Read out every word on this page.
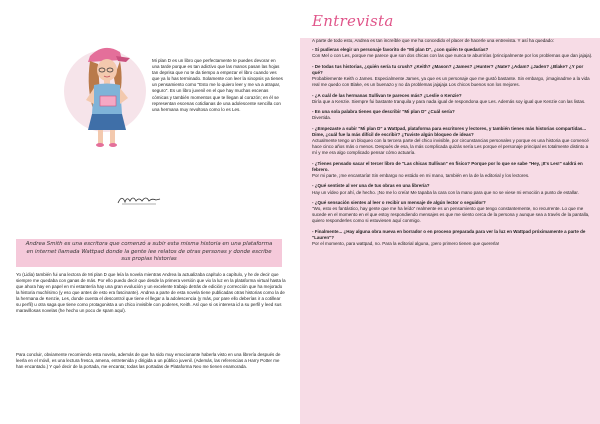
Mi plan D es un libro que perfectamente te puedes devorar en una tarde porque es tan adictivo que las manos pasan las hojas tan deprisa que no te da tiempo a empezar el libro cuando ves que ya lo has terminado. Solamente con leer la sinopsis ya tienes un pensamiento como "Esto me lo quiero leer y me va a atrapar, seguro". Es un libro juvenil en el que hay muchas escenas cómicas y también momentos que te llegan al corazón; en él se representan escenas cotidianas de una adolescente sencilla con una hermana muy revoltosa como lo es Les.
Andrea Smith es una escritora que comenzó a subir esta misma historia en una plataforma en internet llamada Wattpad donde la gente lee relatos de otras personas y donde escribe sus propias historias
Yo (Lidia) también fui una lectora de Mi plan D que leía la novela mientras Andrea la actualizaba capítulo a capítulo, y he de decir que siempre me quedaba con ganas de más. Por ello puedo decir que desde la primera versión que vio la luz en la plataforma virtual hasta la que ahora hay en papel en mi estantería hay una gran evolución y un excelente trabajo detrás de edición y corrección que ha mejorado la historia muchísimo (y eso que antes de esto era fascinante). Andrea a parte de esta novela tiene publicadas otras historias como la de la hermana de Kenzie, Les, donde cuenta el descontrol que tiene el llegar a la adolescencia (y más, por pare ello deberías ir a cotillear su perfil) u otra saga que tiene como protagonista a un chico invisible con poderes, Keith. Así que si os interesa id a su perfil y leed sus maravillosas novelas (he hecho un poco de spam aquí).
Para concluir, obviamente recomiendo esta novela, además de que ha sido muy emocionante haberla visto en una librería después de leerla en el móvil, es una lectura fresca, amena, entretenida y dirigida a un público juvenil. (Además, las referencias a Harry Potter me han encantado.) Y qué decir de la portada, me encanta; todas las portadas de Plataforma Neo me tienen enamorada.
Entrevista
A parte de todo esto, Andrea es tan increíble que me ha concedido el placer de hacerle una entrevista. Y así ha quedado:
- Si pudieras elegir un personaje favorito de "Mi plan D", ¿con quién te quedarías?
Con Mel o con Les, porque me parece que son dos chicas con las que nunca te aburrirías (principalmente por los problemas que dan jajaja).
- De todas tus historias, ¿quién sería tu crush? ¿Keith? ¿Mason? ¿James? ¿Hunter? ¿Nate? ¿Adam? ¿Jaden? ¿Blake? ¿Y por qué?
Probablemente Keith o James. Especialmente James, ya que es un personaje que me gustó bastante. Sin embargo, ¡imaginadme a la vida real me quedo con Blake, es un buenazo y no da problemas jajajaja Los chicos buenos son los mejores.
- ¿A cuál de las hermanas Sullivan te pareces más? ¿Leslie o Kenzie?
Diría que a Kenzie. Siempre fui bastante tranquila y para nada igual de respondona que Les. Además soy igual que Kenzie con las listas.
- En una sola palabra tienes que describir "Mi plan D" ¿Cuál sería?
Divertida.
- ¿Empezaste a subir "Mi plan D" a Wattpad, plataforma para escritores y lectores, y también tienes más historias compartidas... Dime, ¿cuál fue la más difícil de escribir? ¿Tuviste algún bloqueo de ideas?
Actualmente tengo un bloqueo con la tercera parte del chico invisible, por circunstancias personales y porque es una historia que comencé hace cinco años más o menos. Después de esa, la más complicada quizás sería Les porque el personaje principal es totalmente distinto a mí y me era algo complicado pensar cómo actuaría.
- ¿Tienes pensado sacar el tercer libro de "Las chicas Sullivan" en físico? Porque por lo que se sabe "Hey, ¡It's Les!" saldrá en febrero.
Por mi parte, ¡me encantaría! Sin embargo no estádo en mi mano, también en la de la editorial y los lectores.
- ¿Qué sentiste al ver una de tus obras en una librería?
Hay un vídeo por ahí, de hecho. ¡No me lo creía! Me tapaba la cara con la mano para que no se viese mi emoción a punto de estallar.
- ¿Qué sensación sientes al leer o recibir un mensaje de algún lector o seguidor?
"Wo, esto es fantástico, hay gente que me ha leído" realmente es un pensamiento que tengo constantemente, no recurrente. Lo que me sucede en el momento en el que estoy respondiendo mensajes es que me siento cerca de la persona y aunque sea a través de la pantalla, quiero responderles como si estuviesen aquí conmigo.
- Finalmente... ¿Hay alguna obra nueva en borrador o en proceso preparada para ver la luz en Wattpad próximamente a parte de "Lauren"?
Por el momento, para wattpad, no. Para la editorial alguna, ¡pero primero tienen que quererla!
